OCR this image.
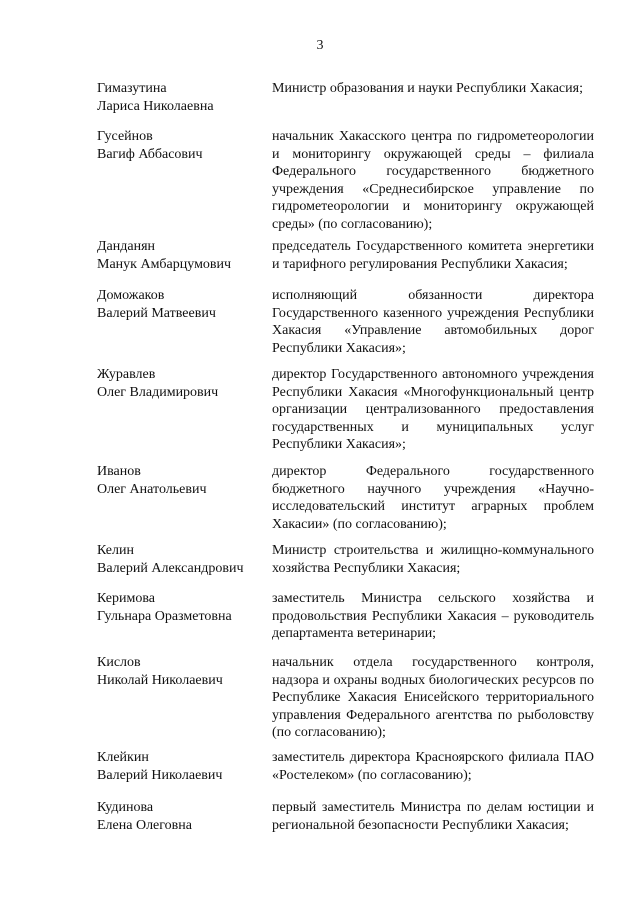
3
Гимазутина
Лариса Николаевна
Министр образования и науки Республики Хакасия;
Гусейнов
Вагиф Аббасович
начальник Хакасского центра по гидрометеорологии и мониторингу окружающей среды – филиала Федерального государственного бюджетного учреждения «Среднесибирское управление по гидрометеорологии и мониторингу окружающей среды» (по согласованию);
Данданян
Манук Амбарцумович
председатель Государственного комитета энергетики и тарифного регулирования Республики Хакасия;
Доможаков
Валерий Матвеевич
исполняющий обязанности директора Государственного казенного учреждения Республики Хакасия «Управление автомобильных дорог Республики Хакасия»;
Журавлев
Олег Владимирович
директор Государственного автономного учреждения Республики Хакасия «Многофункциональный центр организации централизованного предоставления государственных и муниципальных услуг Республики Хакасия»;
Иванов
Олег Анатольевич
директор Федерального государственного бюджетного научного учреждения «Научно-исследовательский институт аграрных проблем Хакасии» (по согласованию);
Келин
Валерий Александрович
Министр строительства и жилищно-коммунального хозяйства Республики Хакасия;
Керимова
Гульнара Оразметовна
заместитель Министра сельского хозяйства и продовольствия Республики Хакасия – руководитель департамента ветеринарии;
Кислов
Николай Николаевич
начальник отдела государственного контроля, надзора и охраны водных биологических ресурсов по Республике Хакасия Енисейского территориального управления Федерального агентства по рыболовству (по согласованию);
Клейкин
Валерий Николаевич
заместитель директора Красноярского филиала ПАО «Ростелеком» (по согласованию);
Кудинова
Елена Олеговна
первый заместитель Министра по делам юстиции и региональной безопасности Республики Хакасия;
